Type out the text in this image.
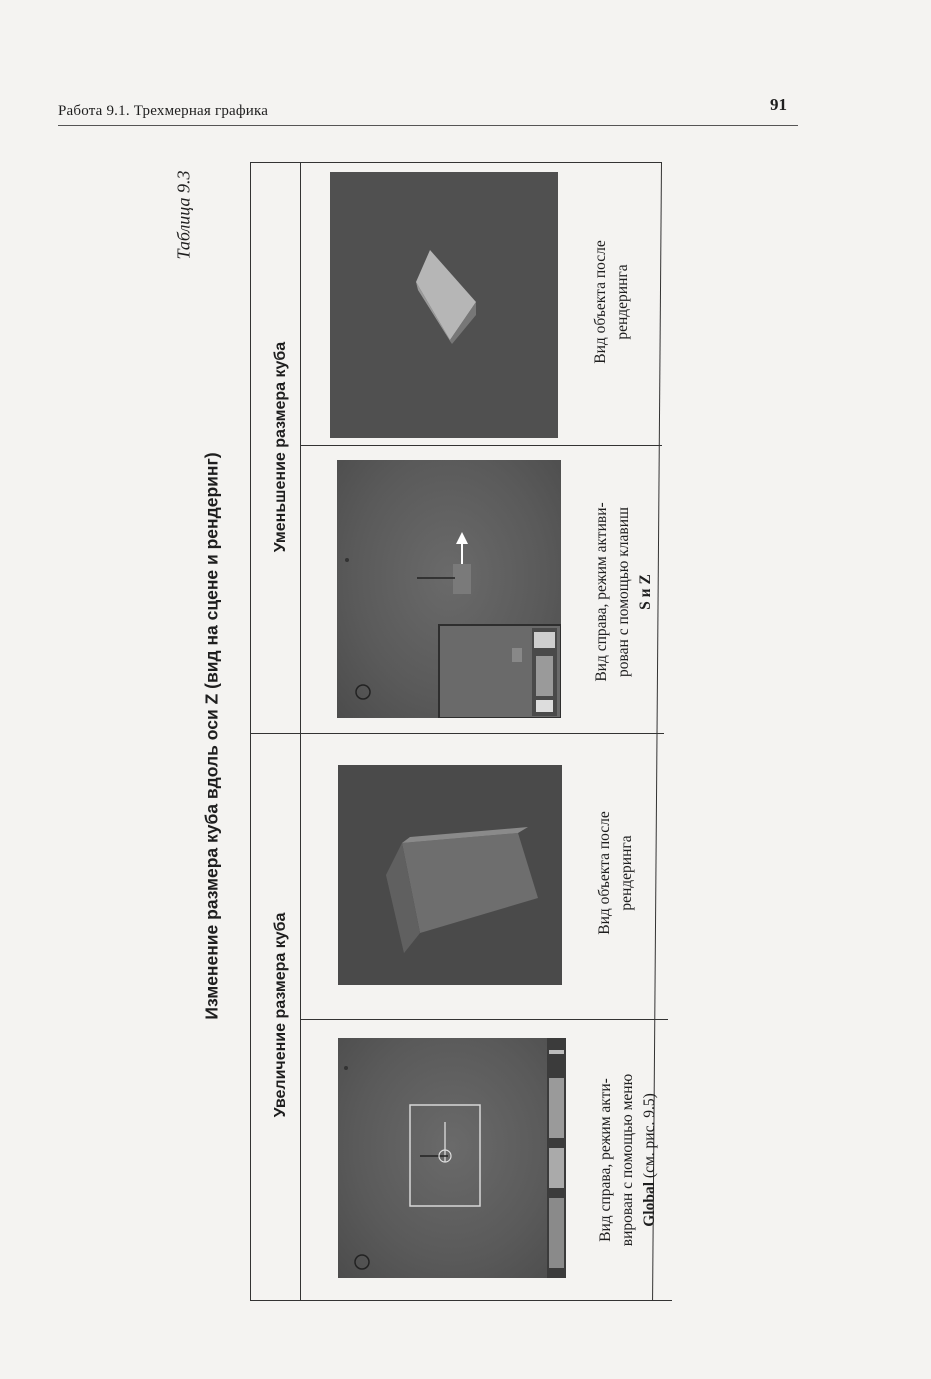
Работа 9.1. Трехмерная графика	91
Таблица 9.3
Изменение размера куба вдоль оси Z (вид на сцене и рендеринг)	Увеличение размера куба
Уменьшение размера куба
Вид справа, режим акти- вирован с помощью меню Global (см. рис. 9.5)
Вид объекта после рендеринга
Вид справа, режим активи- рован с помощью клавиш S и Z
Вид объекта после рендеринга
